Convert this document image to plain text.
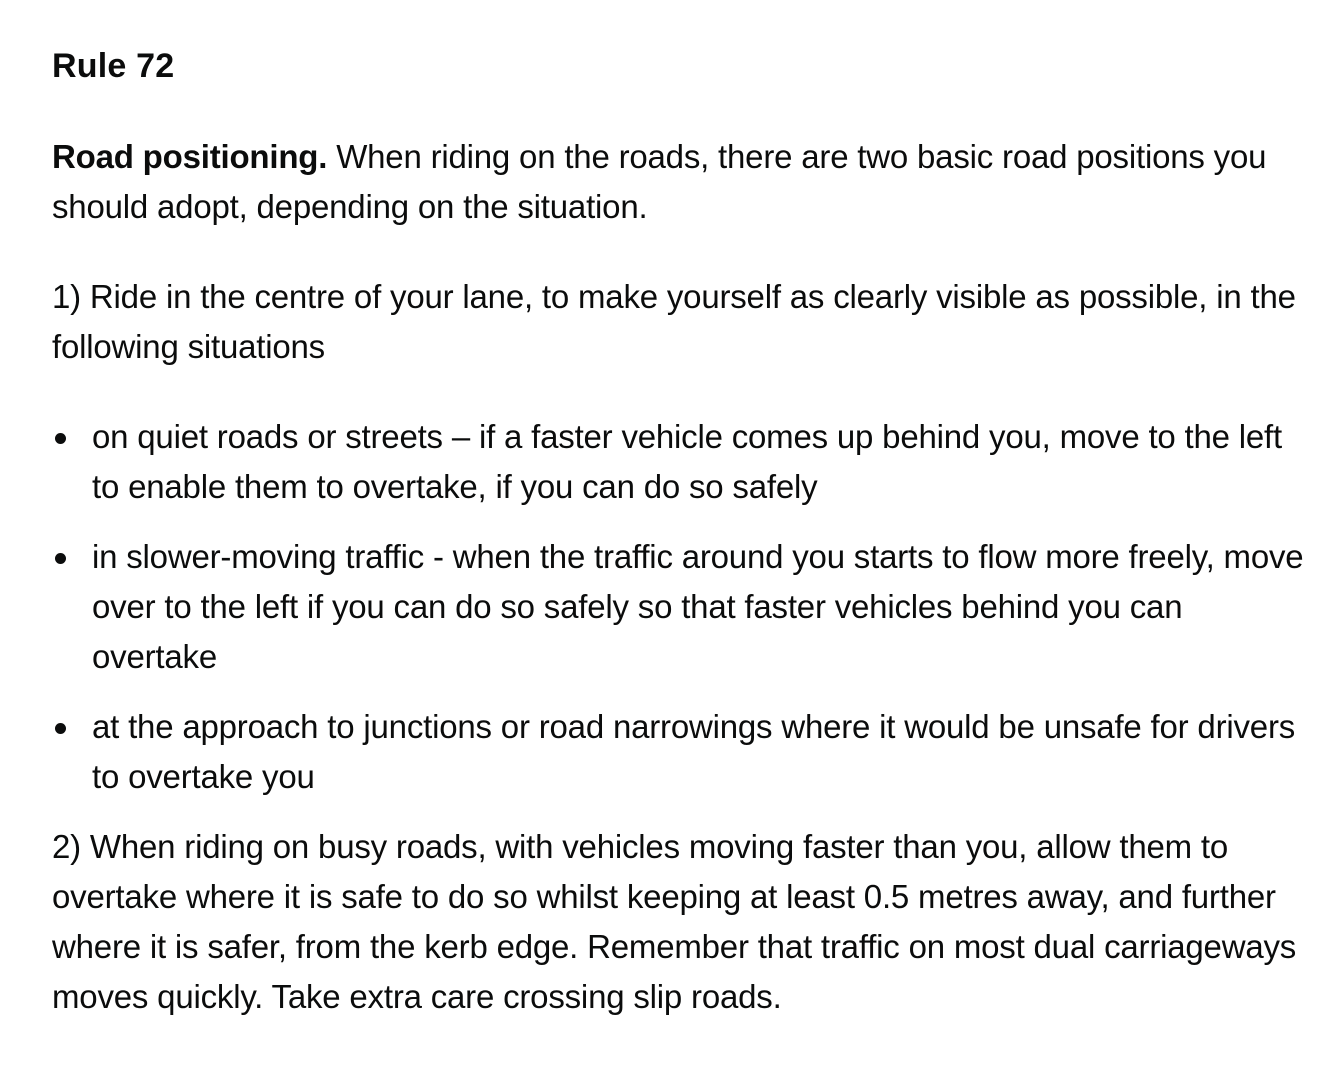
Rule 72

Road positioning. When riding on the roads, there are two basic road positions you should adopt, depending on the situation.

1) Ride in the centre of your lane, to make yourself as clearly visible as possible, in the following situations

on quiet roads or streets – if a faster vehicle comes up behind you, move to the left to enable them to overtake, if you can do so safely
in slower-moving traffic - when the traffic around you starts to flow more freely, move over to the left if you can do so safely so that faster vehicles behind you can overtake
at the approach to junctions or road narrowings where it would be unsafe for drivers to overtake you

2) When riding on busy roads, with vehicles moving faster than you, allow them to overtake where it is safe to do so whilst keeping at least 0.5 metres away, and further where it is safer, from the kerb edge. Remember that traffic on most dual carriageways moves quickly. Take extra care crossing slip roads.
